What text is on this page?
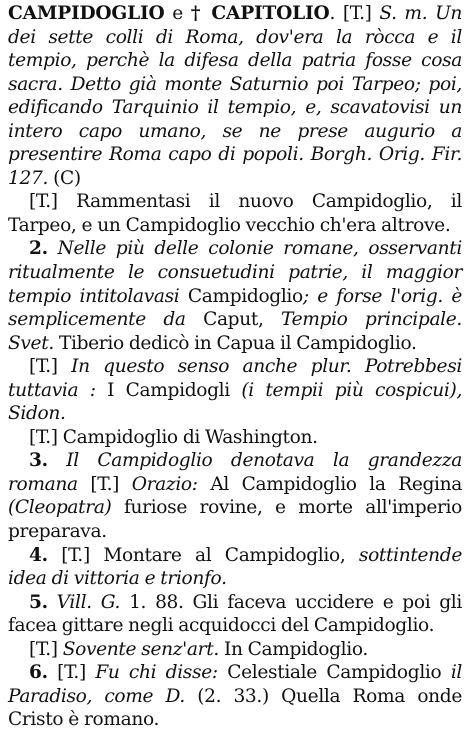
CAMPIDOGLIO e † CAPITOLIO. [T.] S. m. Un dei sette colli di Roma, dov'era la ròcca e il tempio, perchè la difesa della patria fosse cosa sacra. Detto già monte Saturnio poi Tarpeo; poi, edificando Tarquinio il tempio, e, scavatovisi un intero capo umano, se ne prese augurio a presentire Roma capo di popoli. Borgh. Orig. Fir. 127. (C)

[T.] Rammentasi il nuovo Campidoglio, il Tarpeo, e un Campidoglio vecchio ch'era altrove.

2. Nelle più delle colonie romane, osservanti ritualmente le consuetudini patrie, il maggior tempio intitolavasi Campidoglio; e forse l'orig. è semplicemente da Caput, Tempio principale. Svet. Tiberio dedicò in Capua il Campidoglio.

[T.] In questo senso anche plur. Potrebbesi tuttavia : I Campidogli (i tempii più cospicui), Sidon.

[T.] Campidoglio di Washington.

3. Il Campidoglio denotava la grandezza romana [T.] Orazio: Al Campidoglio la Regina (Cleopatra) furiose rovine, e morte all'imperio preparava.

4. [T.] Montare al Campidoglio, sottintende idea di vittoria e trionfo.

5. Vill. G. 1. 88. Gli faceva uccidere e poi gli facea gittare negli acquidocci del Campidoglio.

[T.] Sovente senz'art. In Campidoglio.

6. [T.] Fu chi disse: Celestiale Campidoglio il Paradiso, come D. (2. 33.) Quella Roma onde Cristo è romano.
